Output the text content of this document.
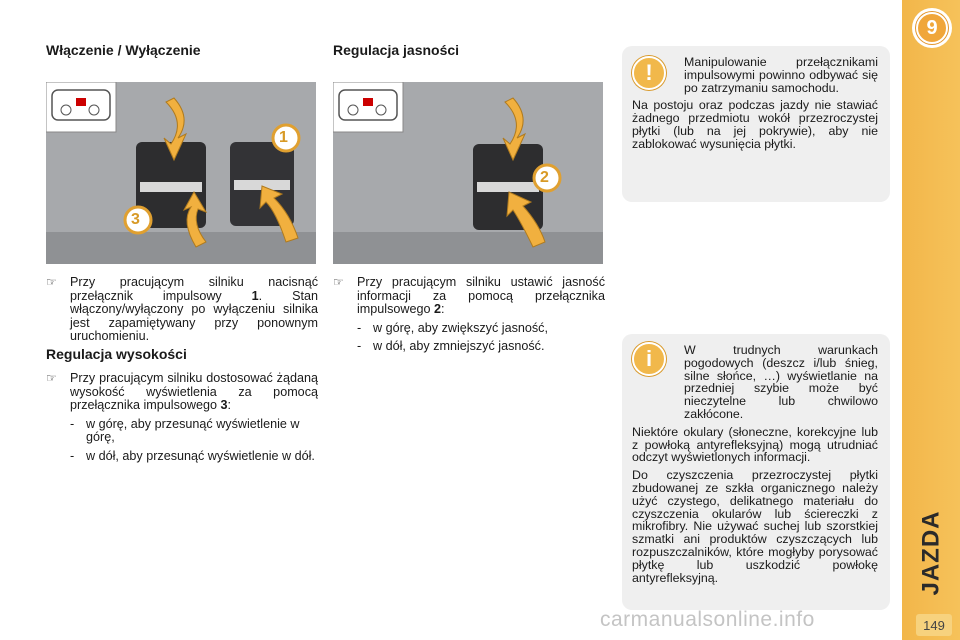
9
JAZDA
149
Włączenie / Wyłączenie
1
3
☞ Przy pracującym silniku nacisnąć przełącznik impulsowy 1. Stan włączony/wyłączony po wyłączeniu silnika jest zapamiętywany przy ponownym uruchomieniu.
Regulacja wysokości
☞ Przy pracującym silniku dostosować żądaną wysokość wyświetlenia za pomocą przełącznika impulsowego 3:
- w górę, aby przesunąć wyświetlenie w górę,
- w dół, aby przesunąć wyświetlenie w dół.
Regulacja jasności
2
☞ Przy pracującym silniku ustawić jasność informacji za pomocą przełącznika impulsowego 2:
- w górę, aby zwiększyć jasność,
- w dół, aby zmniejszyć jasność.
!	Manipulowanie przełącznikami impulsowymi powinno odbywać się po zatrzymaniu samochodu.

Na postoju oraz podczas jazdy nie stawiać żadnego przedmiotu wokół przezroczystej płytki (lub na jej pokrywie), aby nie zablokować wysunięcia płytki.

i	W trudnych warunkach pogodowych (deszcz i/lub śnieg, silne słońce, …) wyświetlanie na przedniej szybie może być nieczytelne lub chwilowo zakłócone.

Niektóre okulary (słoneczne, korekcyjne lub z powłoką antyrefleksyjną) mogą utrudniać odczyt wyświetlonych informacji.

Do czyszczenia przezroczystej płytki zbudowanej ze szkła organicznego należy użyć czystego, delikatnego materiału do czyszczenia okularów lub ściereczki z mikrofibry. Nie używać suchej lub szorstkiej szmatki ani produktów czyszczących lub rozpuszczalników, które mogłyby porysować płytkę lub uszkodzić powłokę antyrefleksyjną.

carmanualsonline.info
